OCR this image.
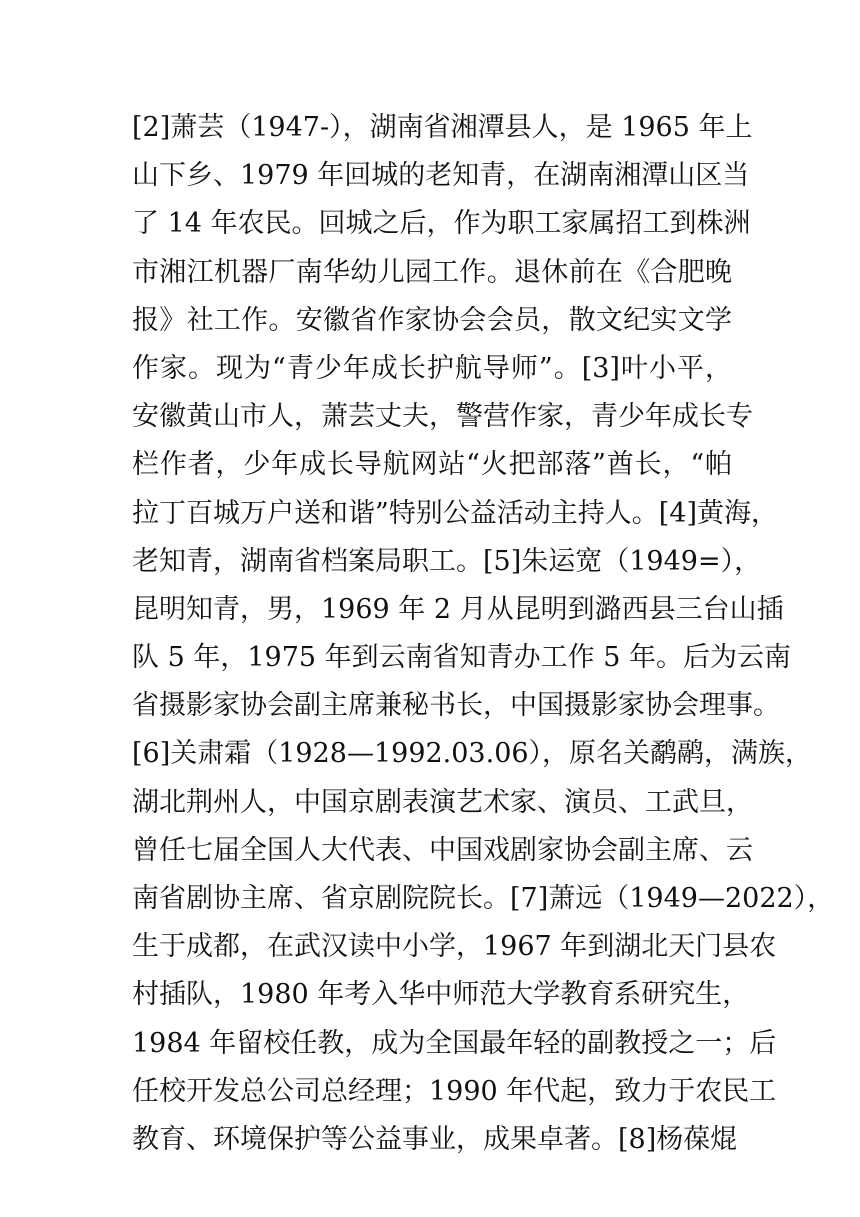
[2]萧芸（1947-），湖南省湘潭县人，是 1965 年上
山下乡、1979 年回城的老知青，在湖南湘潭山区当
了 14 年农民。回城之后，作为职工家属招工到株洲
市湘江机器厂南华幼儿园工作。退休前在《合肥晚
报》社工作。安徽省作家协会会员，散文纪实文学
作家。现为“青少年成长护航导师”。[3]叶小平，
安徽黄山市人，萧芸丈夫，警营作家，青少年成长专
栏作者，少年成长导航网站“火把部落”酋长，“帕
拉丁百城万户送和谐”特别公益活动主持人。[4]黄海，
老知青，湖南省档案局职工。[5]朱运宽（1949=），
昆明知青，男，1969 年 2 月从昆明到潞西县三台山插
队 5 年，1975 年到云南省知青办工作 5 年。后为云南
省摄影家协会副主席兼秘书长，中国摄影家协会理事。
[6]关肃霜（1928—1992.03.06），原名关鹬鹝，满族，
湖北荆州人，中国京剧表演艺术家、演员、工武旦，
曾任七届全国人大代表、中国戏剧家协会副主席、云
南省剧协主席、省京剧院院长。[7]萧远（1949—2022），
生于成都，在武汉读中小学，1967 年到湖北天门县农
村插队，1980 年考入华中师范大学教育系研究生，
1984 年留校任教，成为全国最年轻的副教授之一；后
任校开发总公司总经理；1990 年代起，致力于农民工
教育、环境保护等公益事业，成果卓著。[8]杨葆焜
